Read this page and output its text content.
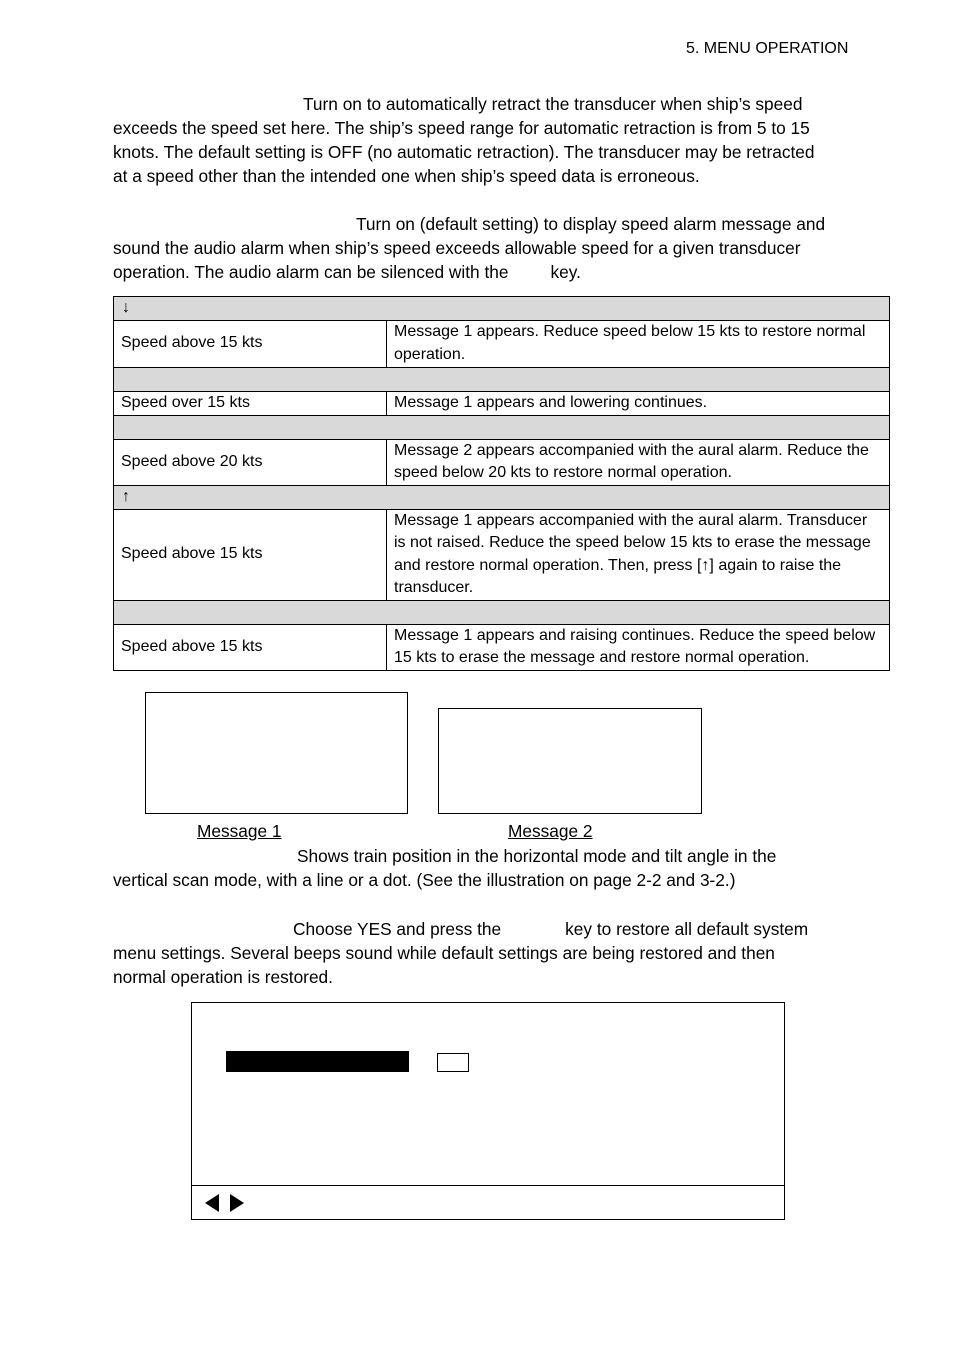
5. MENU OPERATION
Turn on to automatically retract the transducer when ship’s speed
exceeds the speed set here. The ship’s speed range for automatic retraction is from 5 to 15
knots. The default setting is OFF (no automatic retraction). The transducer may be retracted
at a speed other than the intended one when ship’s speed data is erroneous.
Turn on (default setting) to display speed alarm message and
sound the audio alarm when ship’s speed exceeds allowable speed for a given transducer
operation. The audio alarm can be silenced with the key.
↓	
Speed above 15 kts	Message 1 appears. Reduce speed below 15 kts to restore normal operation.

Speed over 15 kts	Message 1 appears and lowering continues.

Speed above 20 kts	Message 2 appears accompanied with the aural alarm. Reduce the speed below 20 kts to restore normal operation.
↑	
Speed above 15 kts	Message 1 appears accompanied with the aural alarm. Transducer is not raised. Reduce the speed below 15 kts to erase the message and restore normal operation. Then, press [↑] again to raise the transducer.

Speed above 15 kts	Message 1 appears and raising continues. Reduce the speed below 15 kts to erase the message and restore normal operation.
Message 1	Message 2
Shows train position in the horizontal mode and tilt angle in the
vertical scan mode, with a line or a dot. (See the illustration on page 2-2 and 3-2.)
Choose YES and press the	key to restore all default system
menu settings. Several beeps sound while default settings are being restored and then
normal operation is restored.
